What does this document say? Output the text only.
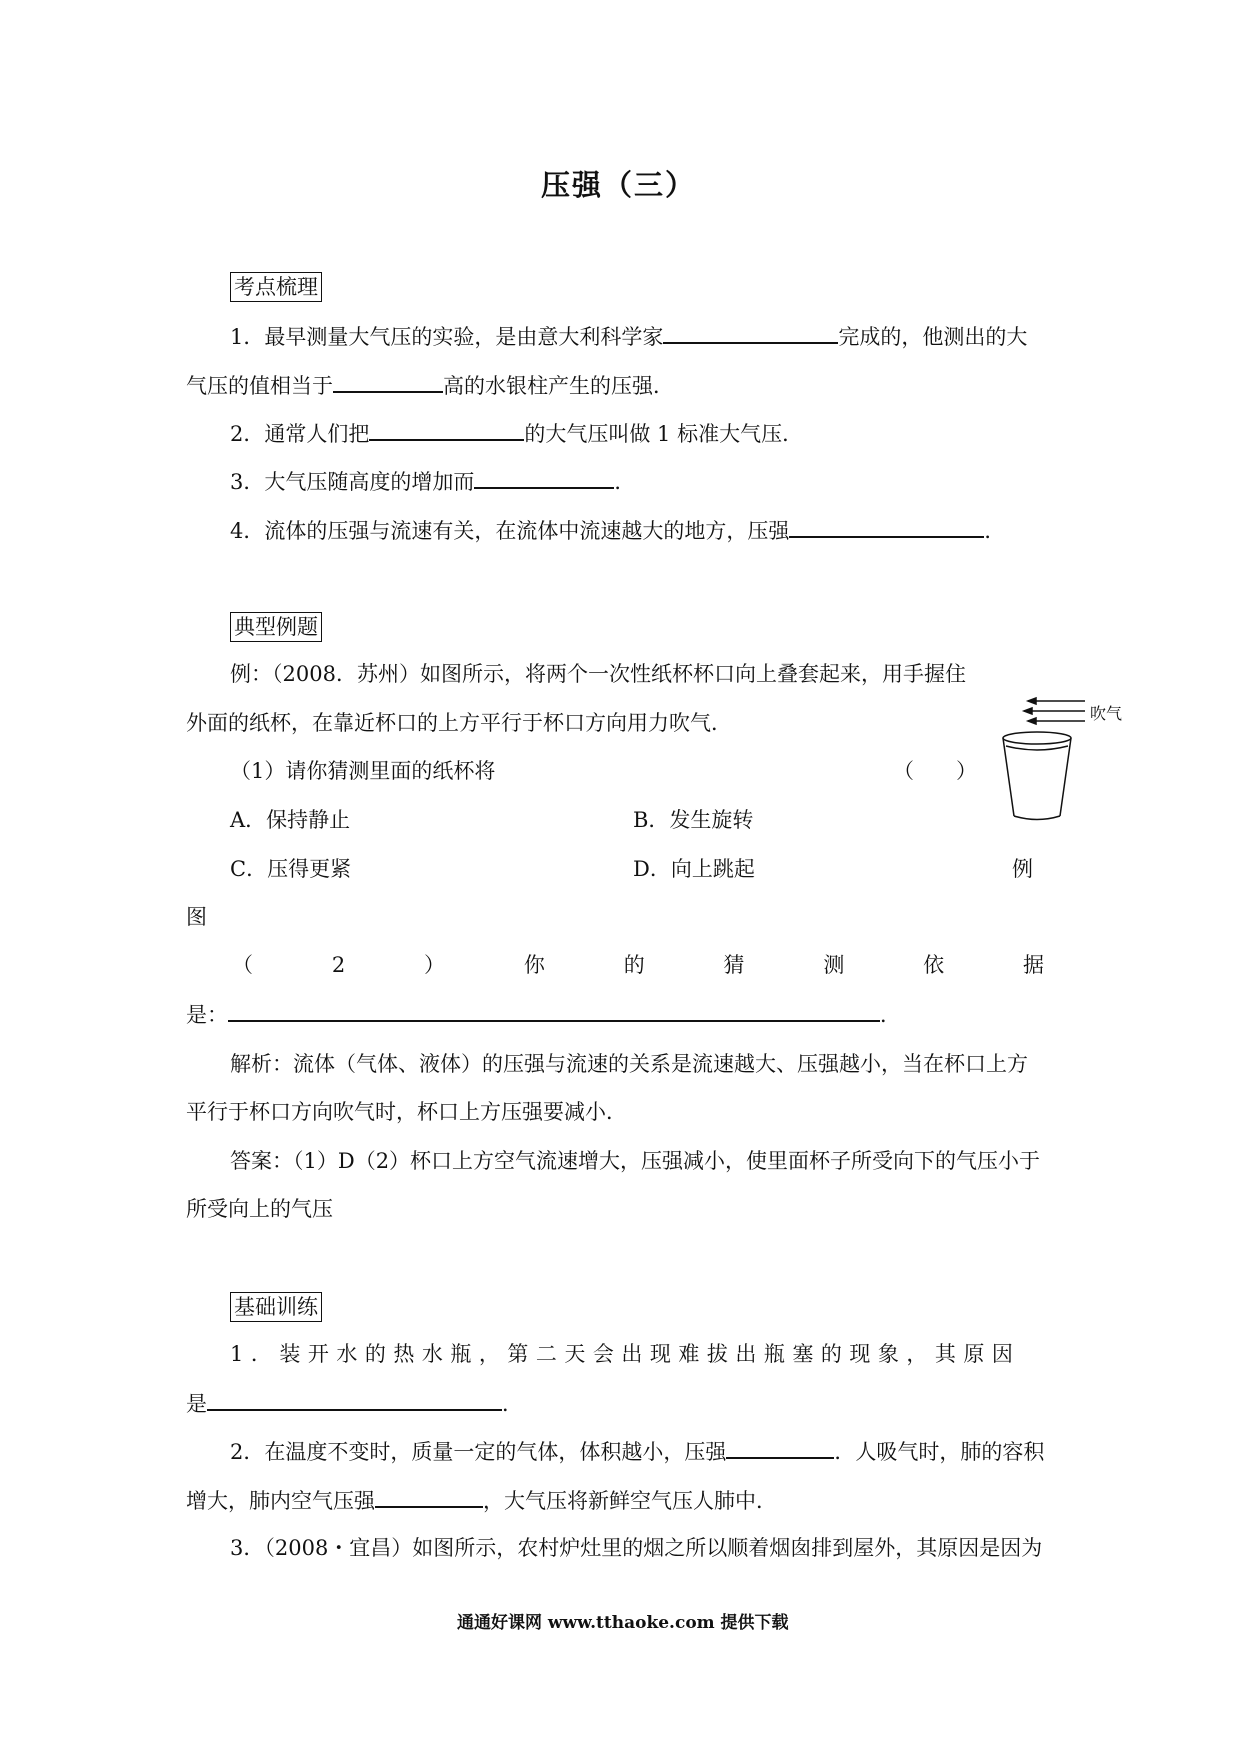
压强（三）
考点梳理
1．最早测量大气压的实验，是由意大利科学家	完成的，他测出的大
气压的值相当于	高的水银柱产生的压强．
2．通常人们把	的大气压叫做 1 标准大气压．
3．大气压随高度的增加而	．
4．流体的压强与流速有关，在流体中流速越大的地方，压强	．
典型例题
例：（2008．苏州）如图所示，将两个一次性纸杯杯口向上叠套起来，用手握住
外面的纸杯，在靠近杯口的上方平行于杯口方向用力吹气．	吹气
（1）请你猜测里面的纸杯将	（　　）
A．保持静止	B．发生旋转
C．压得更紧	D．向上跳起	例
图
（	2	）	你	的	猜	测	依	据
是：	．
解析：流体（气体、液体）的压强与流速的关系是流速越大、压强越小，当在杯口上方
平行于杯口方向吹气时，杯口上方压强要减小．
答案：（1）D（2）杯口上方空气流速增大，压强减小，使里面杯子所受向下的气压小于
所受向上的气压
基础训练
1．装开水的热水瓶，第二天会出现难拔出瓶塞的现象，其原因
是	．
2．在温度不变时，质量一定的气体，体积越小，压强	．人吸气时，肺的容积
增大，肺内空气压强	，大气压将新鲜空气压人肺中．
3．（2008・宜昌）如图所示，农村炉灶里的烟之所以顺着烟囱排到屋外，其原因是因为
通通好课网 www.tthaoke.com 提供下载
